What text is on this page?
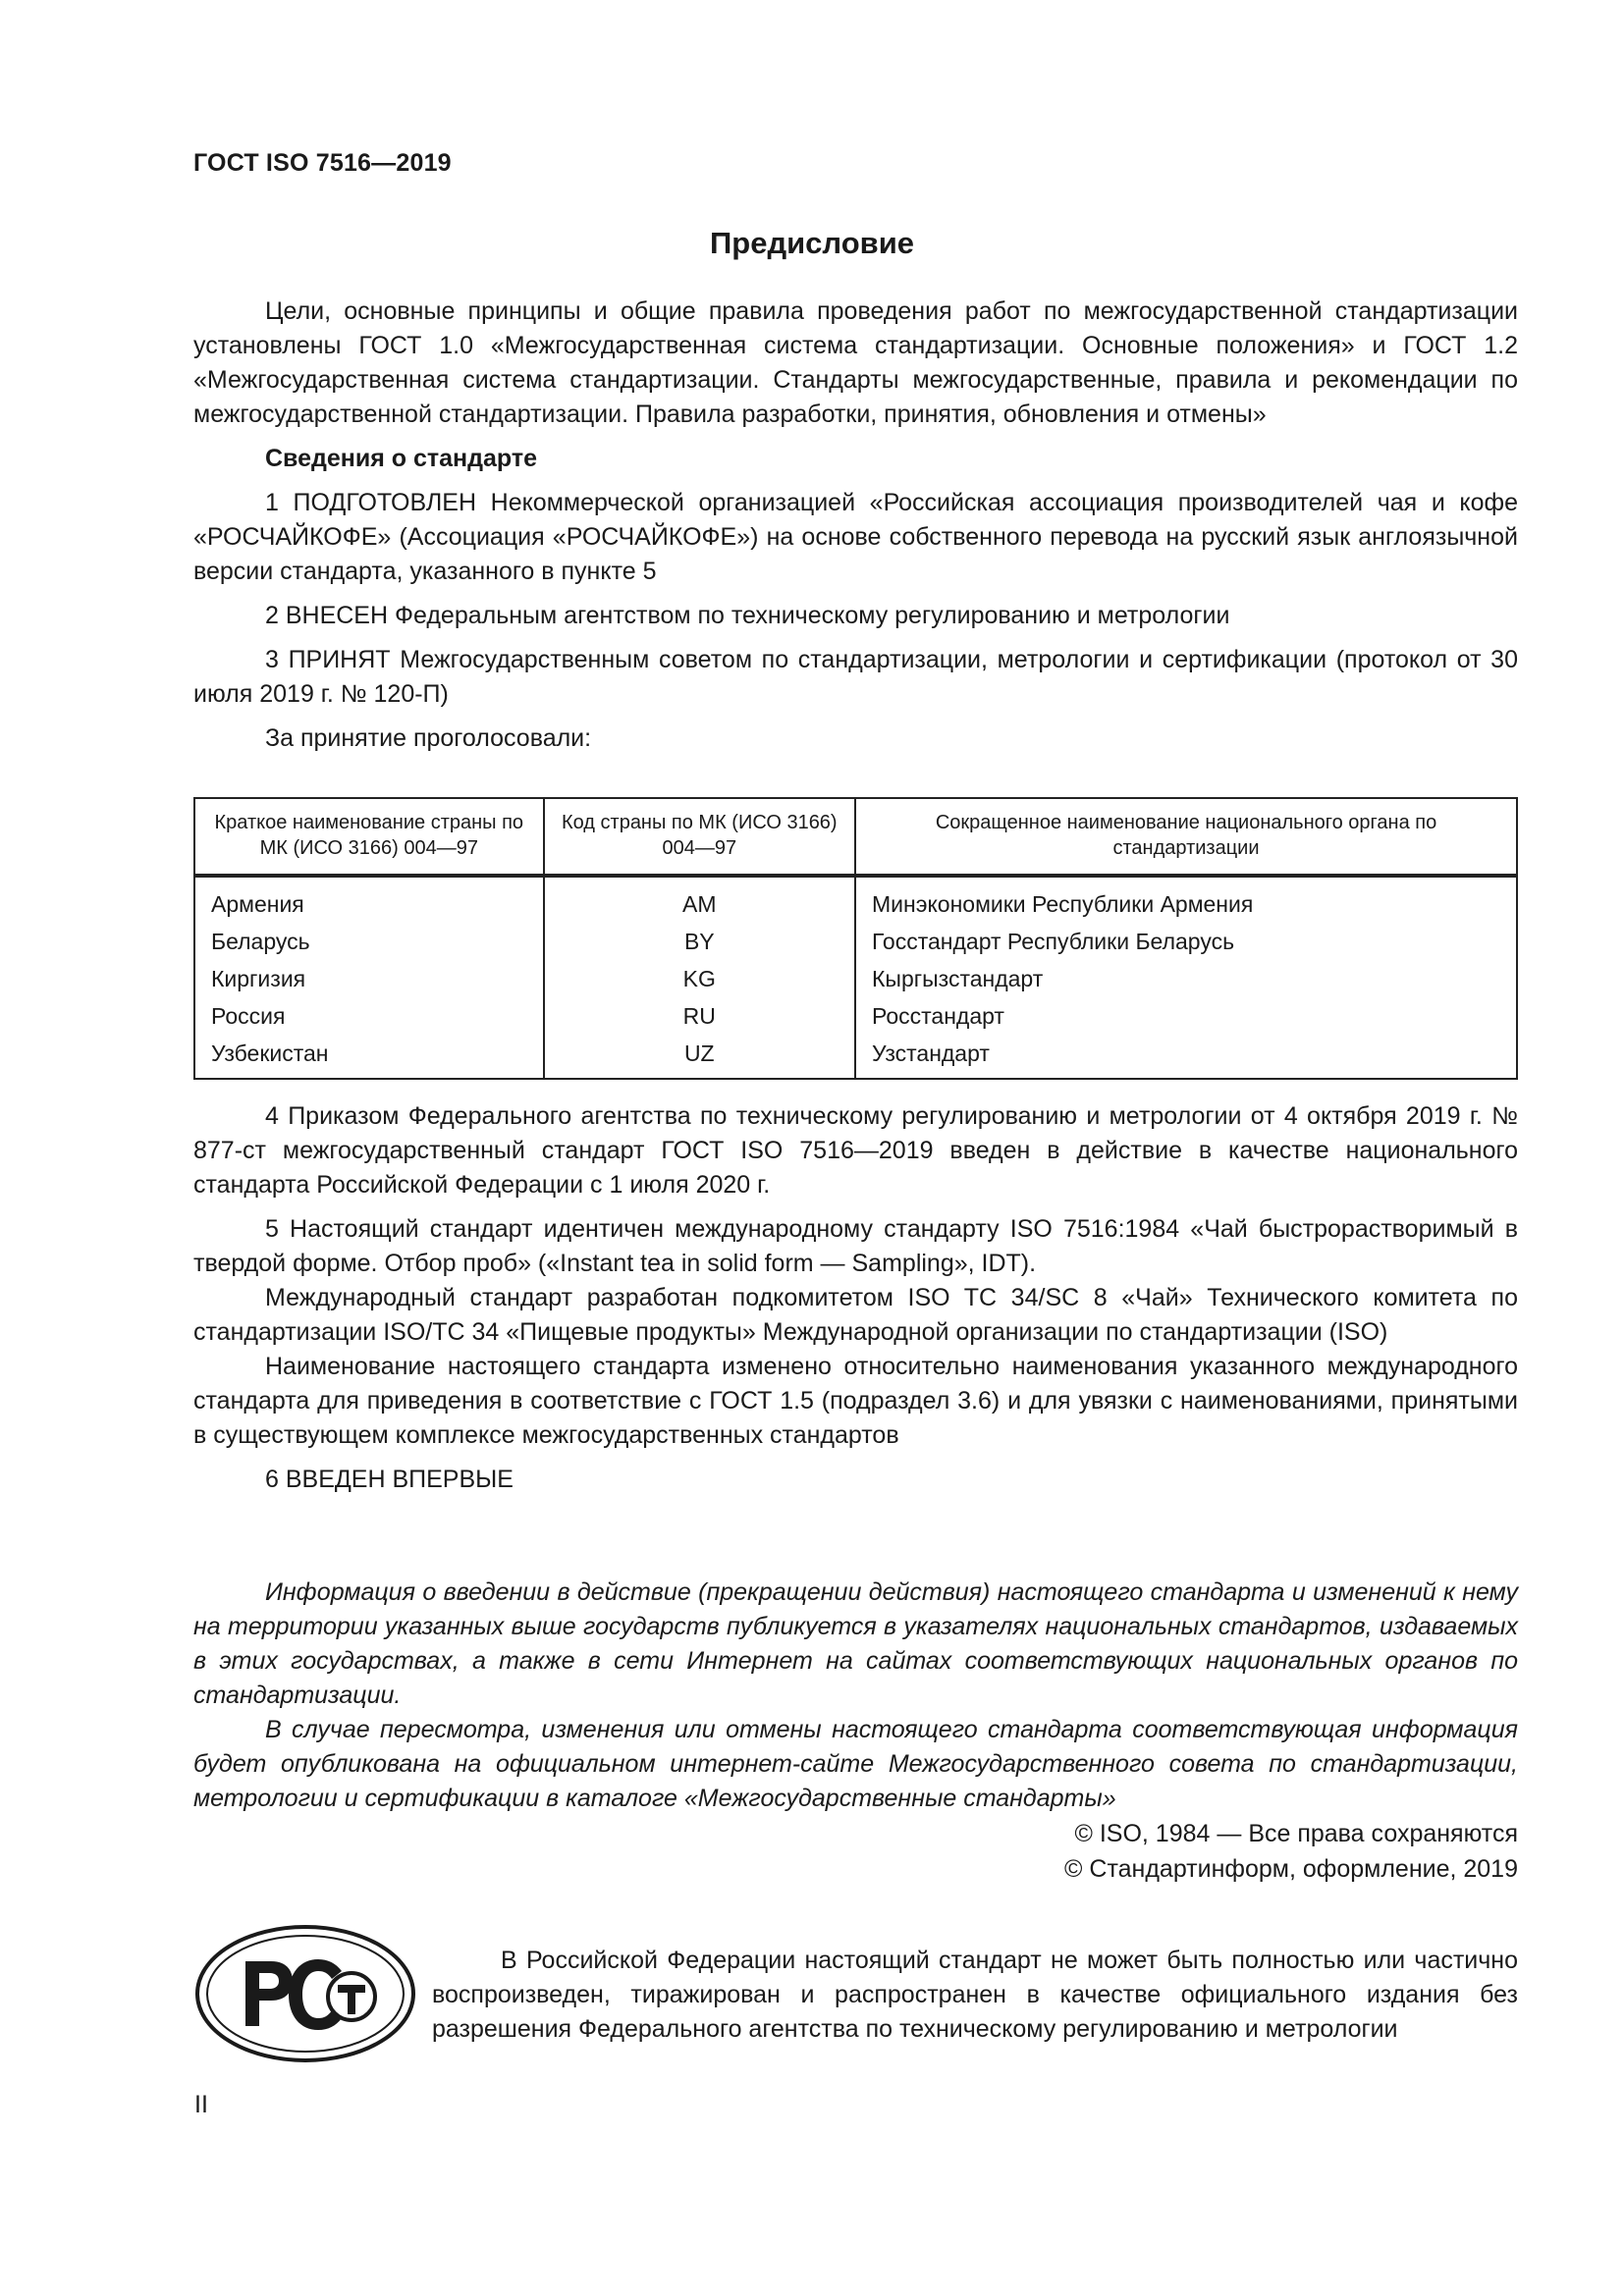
ГОСТ ISO 7516—2019
Предисловие

Цели, основные принципы и общие правила проведения работ по межгосударственной стандартизации установлены ГОСТ 1.0 «Межгосударственная система стандартизации. Основные положения» и ГОСТ 1.2 «Межгосударственная система стандартизации. Стандарты межгосударственные, правила и рекомендации по межгосударственной стандартизации. Правила разработки, принятия, обновления и отмены»

Сведения о стандарте

1 ПОДГОТОВЛЕН Некоммерческой организацией «Российская ассоциация производителей чая и кофе «РОСЧАЙКОФЕ» (Ассоциация «РОСЧАЙКОФЕ») на основе собственного перевода на русский язык англоязычной версии стандарта, указанного в пункте 5

2 ВНЕСЕН Федеральным агентством по техническому регулированию и метрологии

3 ПРИНЯТ Межгосударственным советом по стандартизации, метрологии и сертификации (протокол от 30 июля 2019 г. № 120-П)

За принятие проголосовали:

Краткое наименование страны по МК (ИСО 3166) 004—97	Код страны по МК (ИСО 3166) 004—97	Сокращенное наименование национального органа по стандартизации

Армения	AM	Минэкономики Республики Армения
Беларусь	BY	Госстандарт Республики Беларусь
Киргизия	KG	Кыргызстандарт
Россия	RU	Росстандарт
Узбекистан	UZ	Узстандарт

4 Приказом Федерального агентства по техническому регулированию и метрологии от 4 октября 2019 г. № 877-ст межгосударственный стандарт ГОСТ ISO 7516—2019 введен в действие в качестве национального стандарта Российской Федерации с 1 июля 2020 г.

5 Настоящий стандарт идентичен международному стандарту ISO 7516:1984 «Чай быстрорастворимый в твердой форме. Отбор проб» («Instant tea in solid form — Sampling», IDT).

Международный стандарт разработан подкомитетом ISO TC 34/SC 8 «Чай» Технического комитета по стандартизации ISO/TC 34 «Пищевые продукты» Международной организации по стандартизации (ISO)

Наименование настоящего стандарта изменено относительно наименования указанного международного стандарта для приведения в соответствие с ГОСТ 1.5 (подраздел 3.6) и для увязки с наименованиями, принятыми в существующем комплексе межгосударственных стандартов

6 ВВЕДЕН ВПЕРВЫЕ

Информация о введении в действие (прекращении действия) настоящего стандарта и изменений к нему на территории указанных выше государств публикуется в указателях национальных стандартов, издаваемых в этих государствах, а также в сети Интернет на сайтах соответствующих национальных органов по стандартизации.

В случае пересмотра, изменения или отмены настоящего стандарта соответствующая информация будет опубликована на официальном интернет-сайте Межгосударственного совета по стандартизации, метрологии и сертификации в каталоге «Межгосударственные стандарты»

© ISO, 1984 — Все права сохраняются
© Стандартинформ, оформление, 2019

В Российской Федерации настоящий стандарт не может быть полностью или частично воспроизведен, тиражирован и распространен в качестве официального издания без разрешения Федерального агентства по техническому регулированию и метрологии

II
